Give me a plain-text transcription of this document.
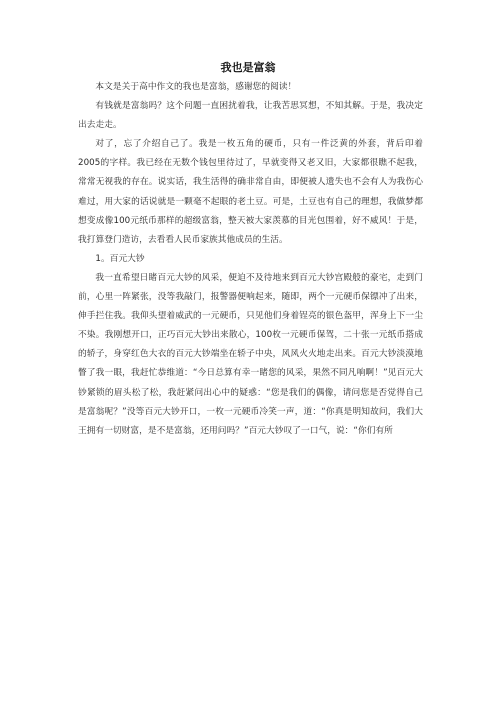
我也是富翁

本文是关于高中作文的我也是富翁，感谢您的阅读！

有钱就是富翁吗？这个问题一直困扰着我，让我苦思冥想，不知其解。于是，我决定出去走走。

对了，忘了介绍自己了。我是一枚五角的硬币，只有一件泛黄的外套，背后印着2005的字样。我已经在无数个钱包里待过了，早就变得又老又旧，大家都很瞧不起我，常常无视我的存在。说实话，我生活得的确非常自由，即便被人遗失也不会有人为我伤心难过，用大家的话说就是一颗毫不起眼的老土豆。可是，土豆也有自己的理想，我做梦都想变成像100元纸币那样的超级富翁，整天被大家羡慕的目光包围着，好不威风！于是，我打算登门造访，去看看人民币家族其他成员的生活。

1。百元大钞

我一直希望日睹百元大钞的风采，便迫不及待地来到百元大钞宫殿般的豪宅，走到门前，心里一阵紧张，没等我敲门，报警器便响起来，随即，两个一元硬币保镖冲了出来，伸手拦住我。我仰头望着威武的一元硬币，只见他们身着锃亮的银色盔甲，浑身上下一尘不染。我刚想开口，正巧百元大钞出来散心，100枚一元硬币保驾，二十张一元纸币搭成的轿子，身穿红色大衣的百元大钞端坐在轿子中央，风风火火地走出来。百元大钞淡漠地瞥了我一眼，我赶忙恭维道：“今日总算有幸一睹您的风采，果然不同凡响啊！”见百元大钞紧锁的眉头松了松，我赶紧问出心中的疑惑：“您是我们的偶像，请问您是否觉得自己是富翁呢？”没等百元大钞开口，一枚一元硬币冷笑一声，道：“你真是明知故问，我们大王拥有一切财富，是不是富翁，还用问吗？”百元大钞叹了一口气，说：“你们有所
